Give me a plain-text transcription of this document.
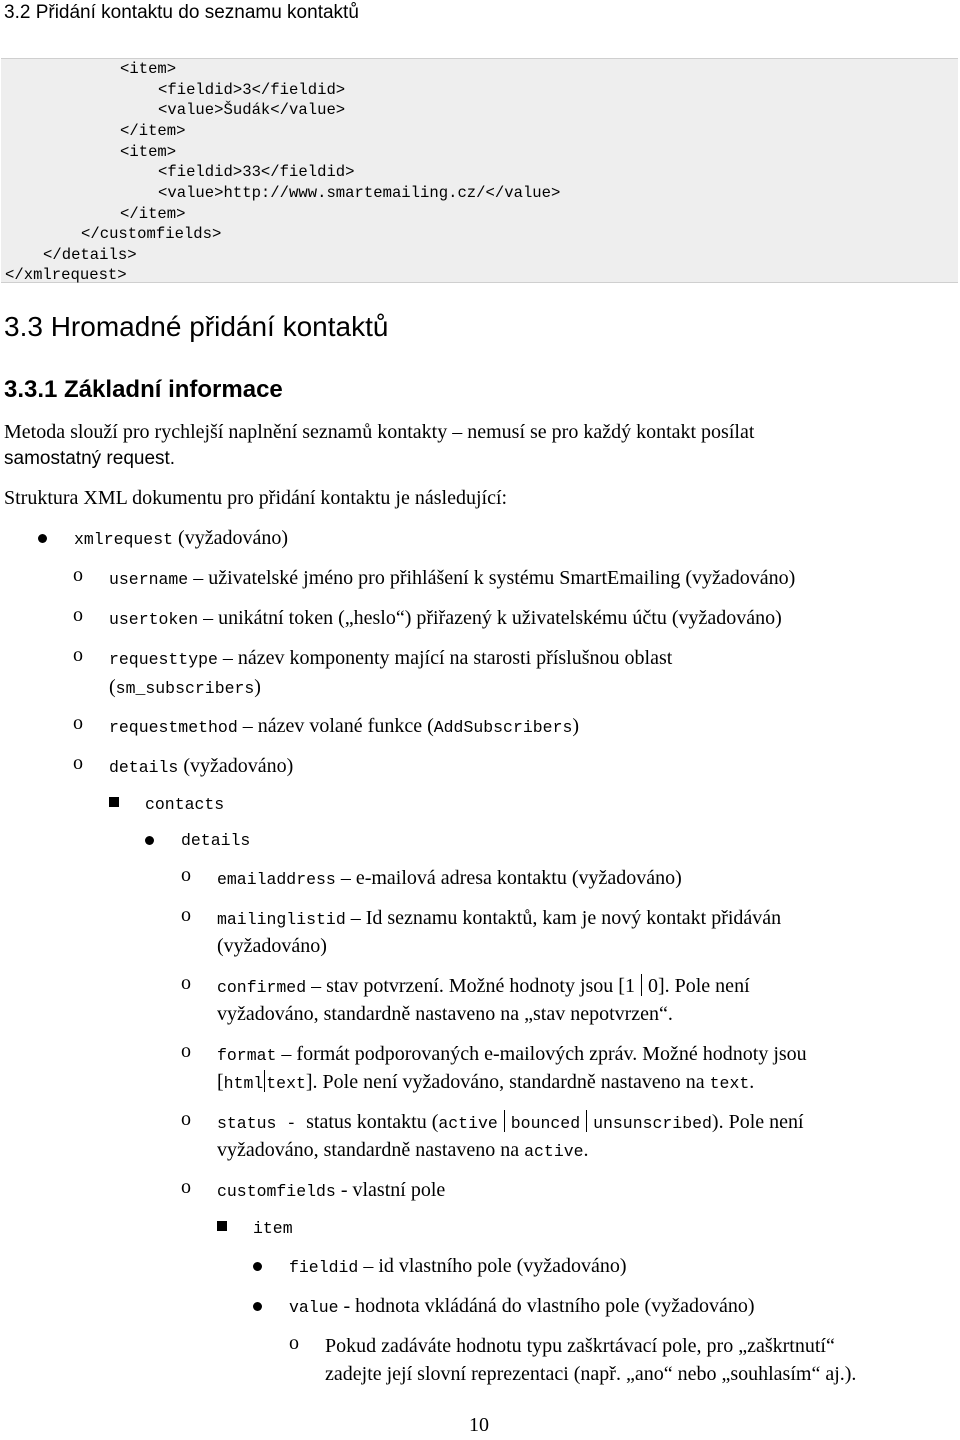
3.2 Přidání kontaktu do seznamu kontaktů
<item>
<fieldid>3</fieldid>
<value>Šudák</value>
</item>
<item>
<fieldid>33</fieldid>
<value>http://www.smartemailing.cz/</value>
</item>
</customfields>
</details>
</xmlrequest>
3.3 Hromadné přidání kontaktů
3.3.1 Základní informace
Metoda slouží pro rychlejší naplnění seznamů kontakty – nemusí se pro každý kontakt posílat
samostatný request.
Struktura XML dokumentu pro přidání kontaktu je následující:
xmlrequest (vyžadováno)
o username – uživatelské jméno pro přihlášení k systému SmartEmailing (vyžadováno)
o usertoken – unikátní token („heslo“) přiřazený k uživatelskému účtu (vyžadováno)
o requesttype – název komponenty mající na starosti příslušnou oblast
(sm_subscribers)
o requestmethod – název volané funkce (AddSubscribers)
o details (vyžadováno)
contacts
details
o emailaddress – e-mailová adresa kontaktu (vyžadováno)
o mailinglistid – Id seznamu kontaktů, kam je nový kontakt přidáván
(vyžadováno)
o confirmed – stav potvrzení. Možné hodnoty jsou [1 0]. Pole není
vyžadováno, standardně nastaveno na „stav nepotvrzen“.
o format – formát podporovaných e-mailových zpráv. Možné hodnoty jsou
[html text]. Pole není vyžadováno, standardně nastaveno na text.
o status - status kontaktu (active bounced unsunscribed). Pole není
vyžadováno, standardně nastaveno na active.
o customfields - vlastní pole
item
fieldid – id vlastního pole (vyžadováno)
value - hodnota vkládáná do vlastního pole (vyžadováno)
o Pokud zadáváte hodnotu typu zaškrtávací pole, pro „zaškrtnutí“
zadejte její slovní reprezentaci (např. „ano“ nebo „souhlasím“ aj.).
10
